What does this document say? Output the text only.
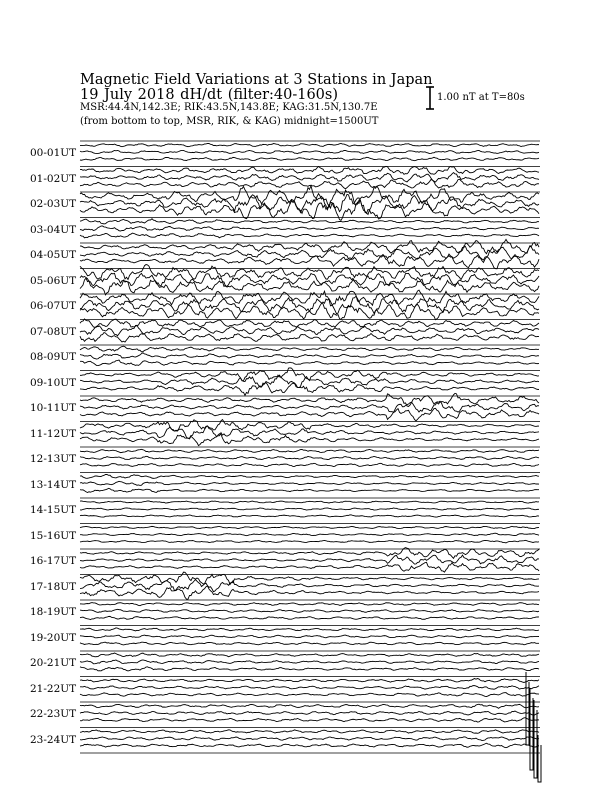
Magnetic Field Variations at 3 Stations in Japan
19 July 2018 dH/dt (filter:40-160s)
MSR:44.4N,142.3E; RIK:43.5N,143.8E; KAG:31.5N,130.7E
(from bottom to top, MSR, RIK, & KAG) midnight=1500UT
1.00 nT at T=80s
00-01UT
01-02UT
02-03UT
03-04UT
04-05UT
05-06UT
06-07UT
07-08UT
08-09UT
09-10UT
10-11UT
11-12UT
12-13UT
13-14UT
14-15UT
15-16UT
16-17UT
17-18UT
18-19UT
19-20UT
20-21UT
21-22UT
22-23UT
23-24UT
